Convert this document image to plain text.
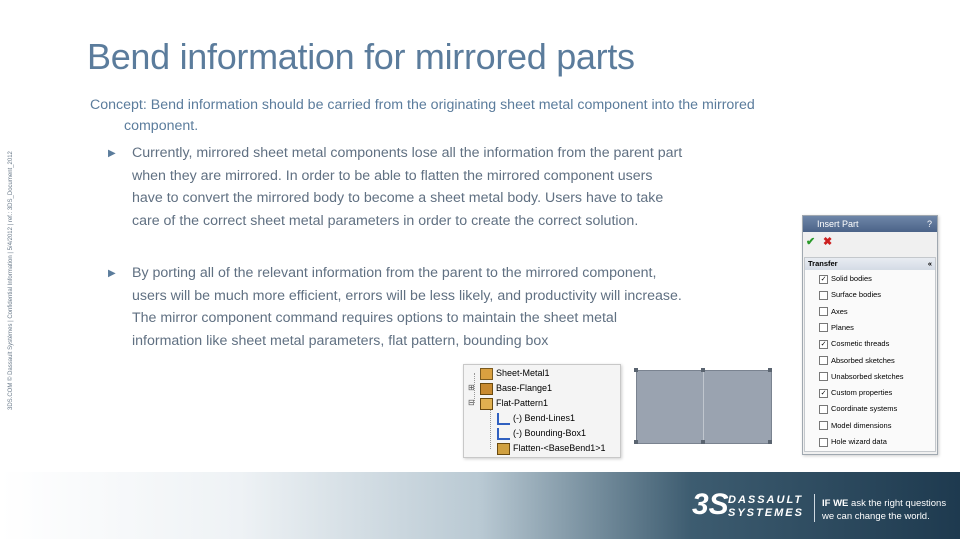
Bend information for mirrored parts
Concept: Bend information should be carried from the originating sheet metal component into the mirrored
component.
▶	Currently, mirrored sheet metal components lose all the information from the parent part when they are mirrored. In order to be able to flatten the mirrored component users have to convert the mirrored body to become a sheet metal body. Users have to take care of the correct sheet metal parameters in order to create the correct solution.
▶	By porting all of the relevant information from the parent to the mirrored component, users will be much more efficient, errors will be less likely, and productivity will increase. The mirror component command requires options to maintain the sheet metal information like sheet metal parameters, flat pattern, bounding box
3DS.COM © Dassault Systèmes | Confidential Information | 5/4/2012 | ref.: 3DS_Document_2012	⊞
⊟
Sheet-Metal1
Base-Flange1
Flat-Pattern1
(-) Bend-Lines1
(-) Bounding-Box1
Flatten-<BaseBend1>1
Insert Part	?
✔ ✖
Transfer	«
✓ Solid bodies
Surface bodies
Axes
Planes
✓ Cosmetic threads
Absorbed sketches
Unabsorbed sketches
✓ Custom properties
Coordinate systems
Model dimensions
Hole wizard data
3S DASSAULT
SYSTEMES
IF WE ask the right questions
we can change the world.
